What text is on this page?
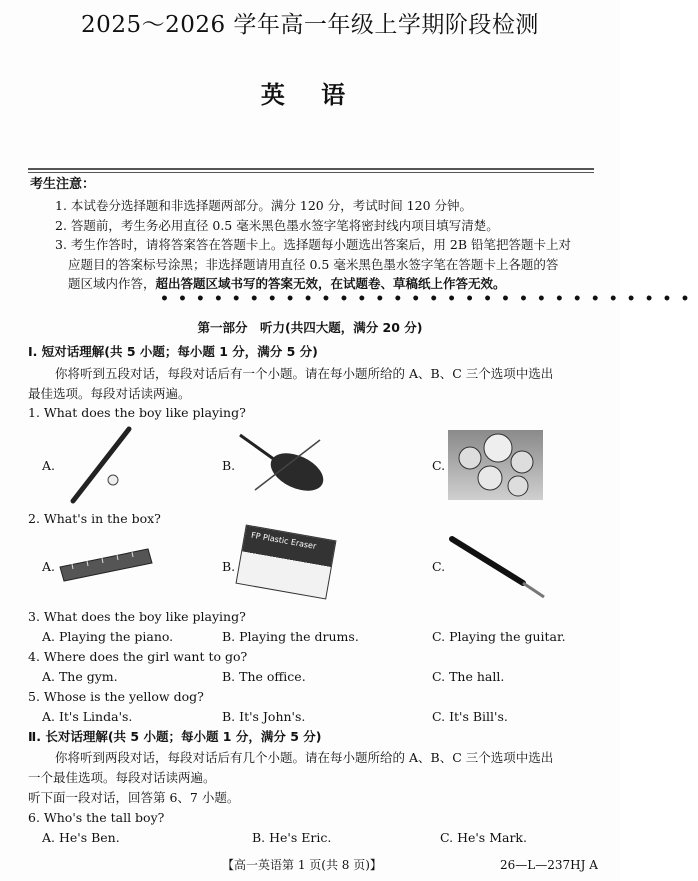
2025～2026 学年高一年级上学期阶段检测
英 语
考生注意：
1. 本试卷分选择题和非选择题两部分。满分 120 分，考试时间 120 分钟。
2. 答题前，考生务必用直径 0.5 毫米黑色墨水签字笔将密封线内项目填写清楚。
3. 考生作答时，请将答案答在答题卡上。选择题每小题选出答案后，用 2B 铅笔把答题卡上对
应题目的答案标号涂黑；非选择题请用直径 0.5 毫米黑色墨水签字笔在答题卡上各题的答
题区域内作答，超出答题区域书写的答案无效，在试题卷、草稿纸上作答无效。
••••••••••••••••••••••••••••••
第一部分　听力(共四大题，满分 20 分)
Ⅰ. 短对话理解(共 5 小题；每小题 1 分，满分 5 分)
你将听到五段对话，每段对话后有一个小题。请在每小题所给的 A、B、C 三个选项中选出
最佳选项。每段对话读两遍。
1. What does the boy like playing?
A.	B.	C.
2. What's in the box?
A.	B.	C.
FP Plastic Eraser
3. What does the boy like playing?
A. Playing the piano.	B. Playing the drums.	C. Playing the guitar.
4. Where does the girl want to go?
A. The gym.	B. The office.	C. The hall.
5. Whose is the yellow dog?
A. It's Linda's.	B. It's John's.	C. It's Bill's.
Ⅱ. 长对话理解(共 5 小题；每小题 1 分，满分 5 分)
你将听到两段对话，每段对话后有几个小题。请在每小题所给的 A、B、C 三个选项中选出
一个最佳选项。每段对话读两遍。
听下面一段对话，回答第 6、7 小题。
6. Who's the tall boy?
A. He's Ben.	B. He's Eric.	C. He's Mark.
【高一英语第 1 页(共 8 页)】	26—L—237HJ A
